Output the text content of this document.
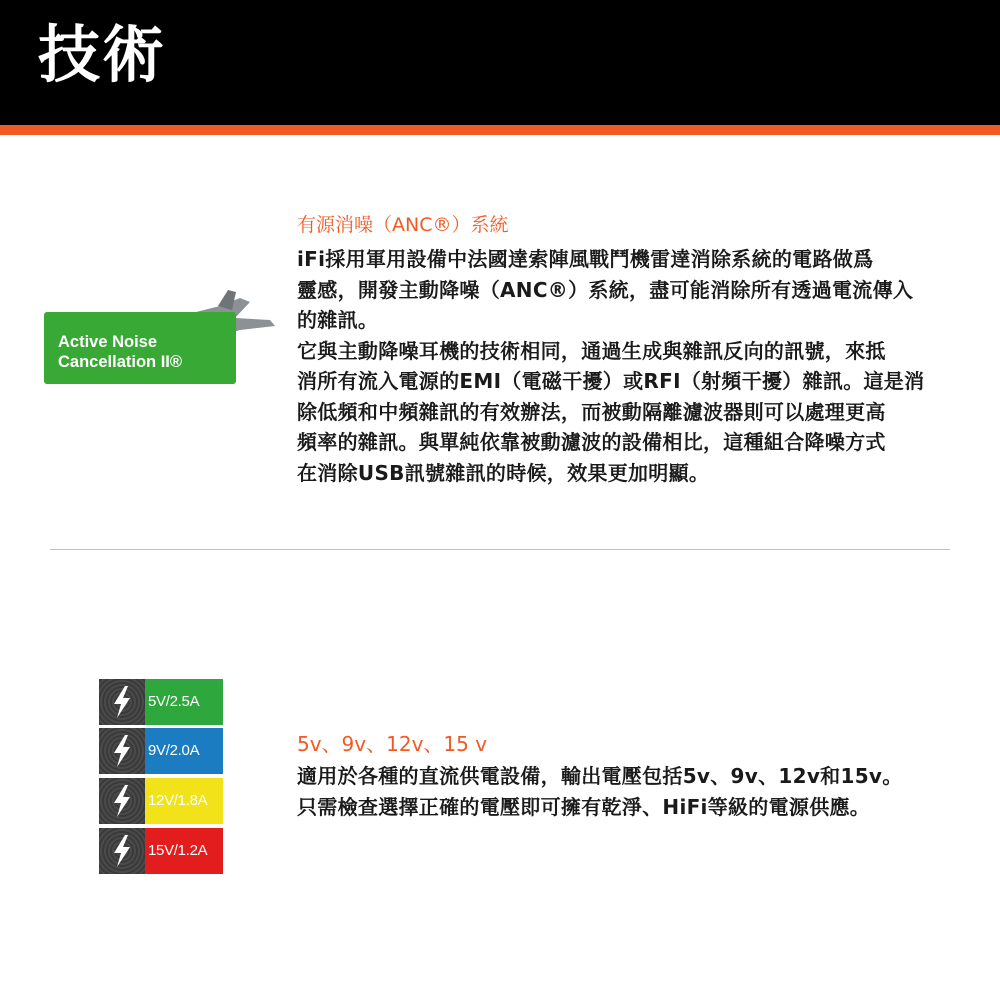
技術
Active Noise
Cancellation II®
有源消噪（ANC®）系統
iFi採用軍用設備中法國達索陣風戰鬥機雷達消除系統的電路做爲
靈感，開發主動降噪（ANC®）系統，盡可能消除所有透過電流傳入
的雜訊。
它與主動降噪耳機的技術相同，通過生成與雜訊反向的訊號，來抵
消所有流入電源的EMI（電磁干擾）或RFI（射頻干擾）雜訊。這是消
除低頻和中頻雜訊的有效辦法，而被動隔離濾波器則可以處理更高
頻率的雜訊。與單純依靠被動濾波的設備相比，這種組合降噪方式
在消除USB訊號雜訊的時候，效果更加明顯。
5V/2.5A
9V/2.0A
12V/1.8A
15V/1.2A
5v、9v、12v、15 v
適用於各種的直流供電設備，輸出電壓包括5v、9v、12v和15v。
只需檢查選擇正確的電壓即可擁有乾淨、HiFi等級的電源供應。
